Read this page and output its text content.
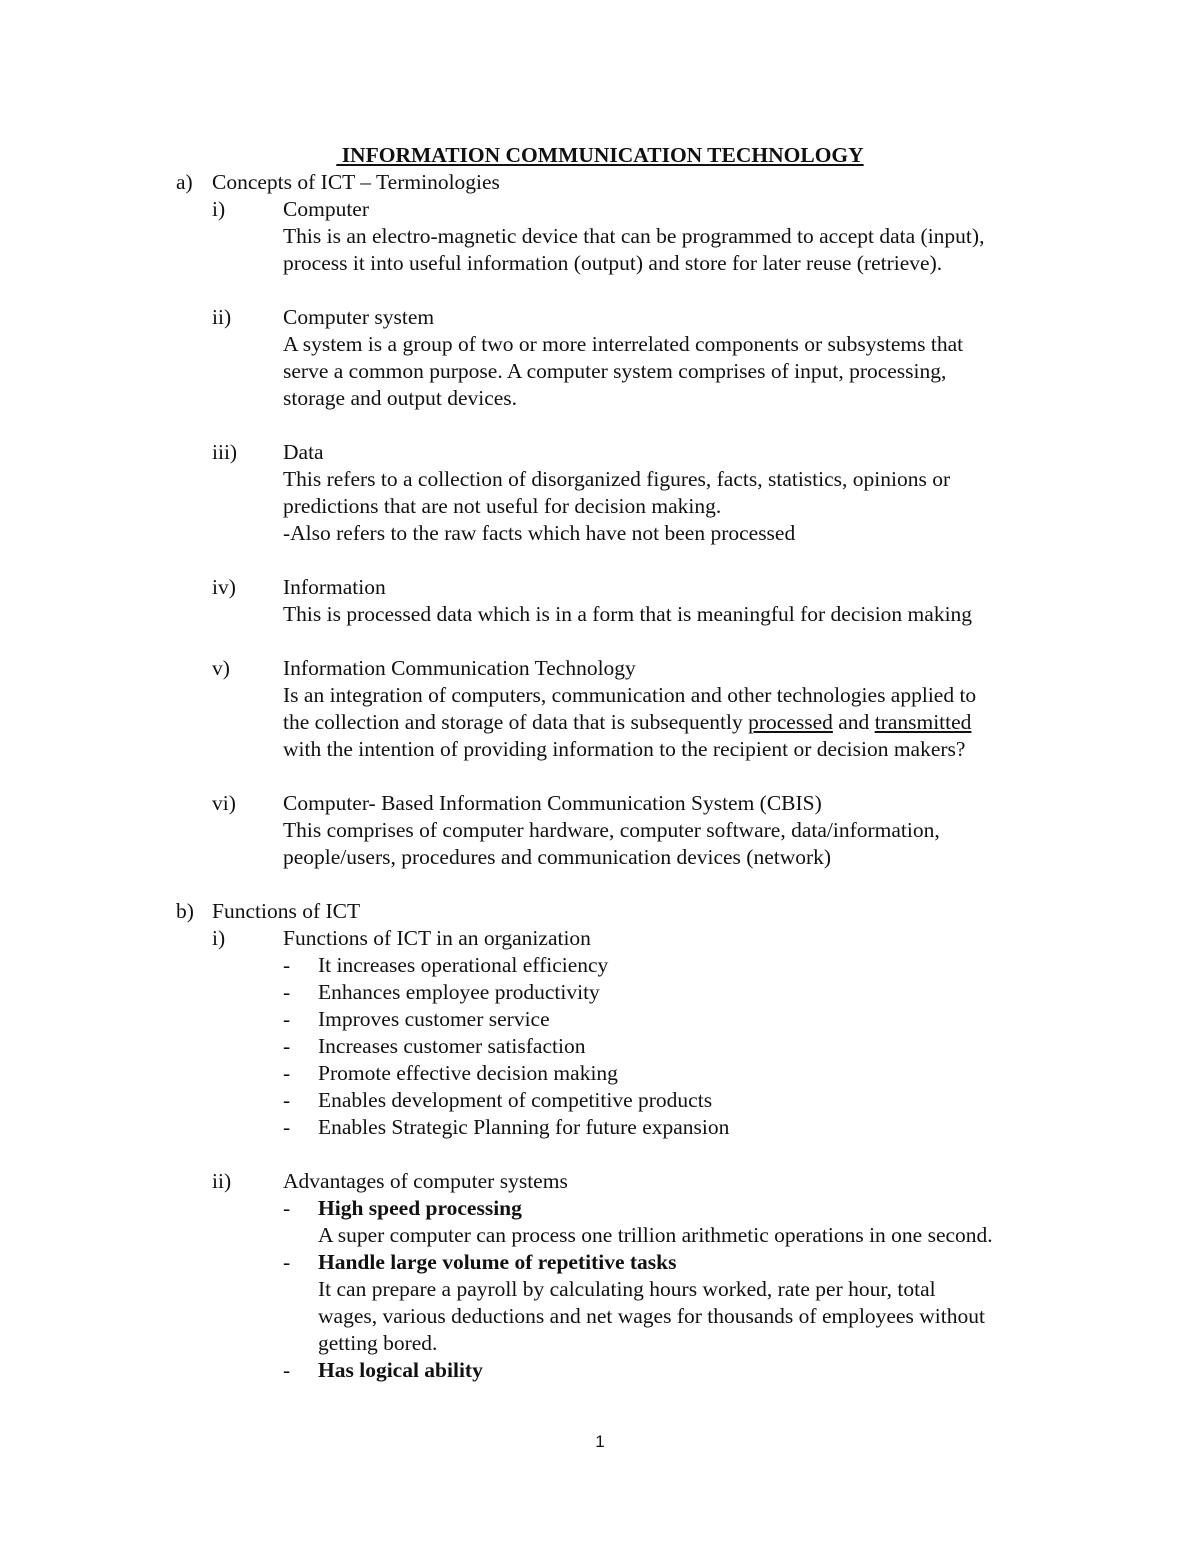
INFORMATION COMMUNICATION TECHNOLOGY
a) Concepts of ICT – Terminologies
i)	Computer
This is an electro-magnetic device that can be programmed to accept data (input),
process it into useful information (output) and store for later reuse (retrieve).
ii) Computer system
A system is a group of two or more interrelated components or subsystems that
serve a common purpose. A computer system comprises of input, processing,
storage and output devices.
iii) Data
This refers to a collection of disorganized figures, facts, statistics, opinions or
predictions that are not useful for decision making.
-Also refers to the raw facts which have not been processed
iv) Information
This is processed data which is in a form that is meaningful for decision making
v) Information Communication Technology
Is an integration of computers, communication and other technologies applied to
the collection and storage of data that is subsequently processed and transmitted
with the intention of providing information to the recipient or decision makers?
vi) Computer- Based Information Communication System (CBIS)
This comprises of computer hardware, computer software, data/information,
people/users, procedures and communication devices (network)
b) Functions of ICT
i)	Functions of ICT in an organization
- It increases operational efficiency
- Enhances employee productivity
- Improves customer service
- Increases customer satisfaction
- Promote effective decision making
- Enables development of competitive products
- Enables Strategic Planning for future expansion
ii) Advantages of computer systems
- High speed processing
A super computer can process one trillion arithmetic operations in one second.
- Handle large volume of repetitive tasks
It can prepare a payroll by calculating hours worked, rate per hour, total
wages, various deductions and net wages for thousands of employees without
getting bored.
- Has logical ability
1
